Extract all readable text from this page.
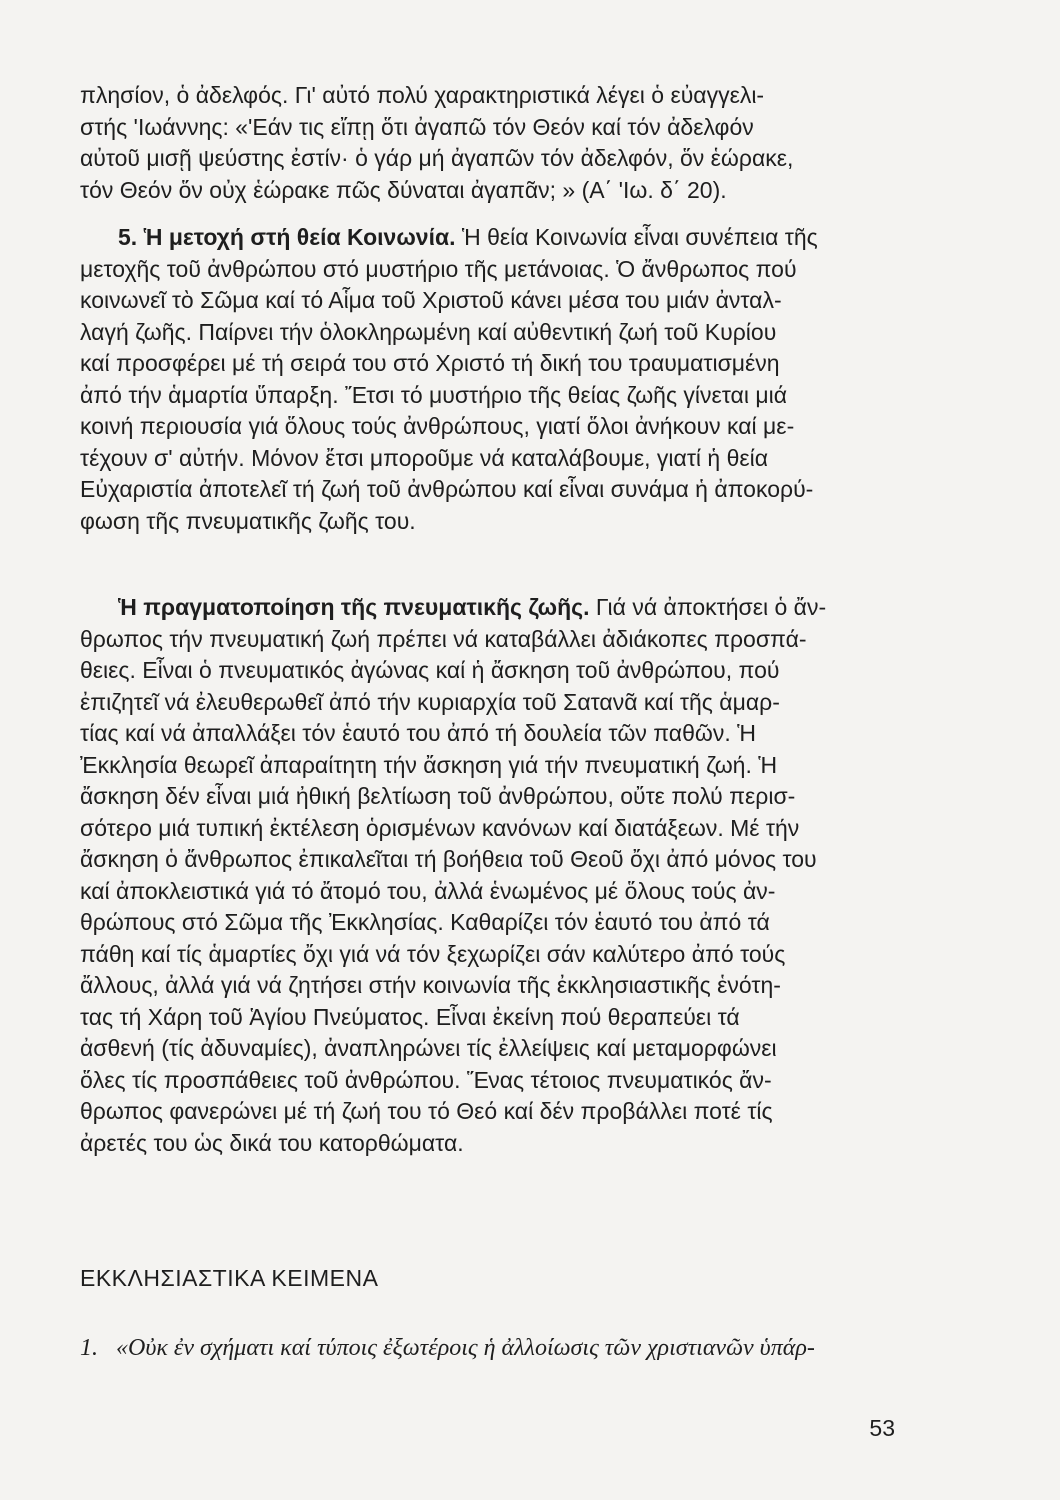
πλησίον, ὁ ἀδελφός. Γι' αὐτό πολύ χαρακτηριστικά λέγει ὁ εὐαγγελι-
στής 'Ιωάννης: «'Εάν τις εἴπῃ ὅτι ἀγαπῶ τόν Θεόν καί τόν ἀδελφόν
αὐτοῦ μισῇ ψεύστης ἐστίν· ὁ γάρ μή ἀγαπῶν τόν ἀδελφόν, ὅν ἑώρακε,
τόν Θεόν ὅν οὐχ ἑώρακε πῶς δύναται ἀγαπᾶν; » (Α΄ 'Ιω. δ΄ 20).
5. Ἡ μετοχή στή θεία Κοινωνία. Ἡ θεία Κοινωνία εἶναι συνέπεια τῆς
μετοχῆς τοῦ ἀνθρώπου στό μυστήριο τῆς μετάνοιας. Ὁ ἄνθρωπος πού
κοινωνεῖ τὸ Σῶμα καί τό Αἷμα τοῦ Χριστοῦ κάνει μέσα του μιάν ἀνταλ-
λαγή ζωῆς. Παίρνει τήν ὁλοκληρωμένη καί αὐθεντική ζωή τοῦ Κυρίου
καί προσφέρει μέ τή σειρά του στό Χριστό τή δική του τραυματισμένη
ἀπό τήν ἁμαρτία ὕπαρξη. Ἔτσι τό μυστήριο τῆς θείας ζωῆς γίνεται μιά
κοινή περιουσία γιά ὅλους τούς ἀνθρώπους, γιατί ὅλοι ἀνήκουν καί με-
τέχουν σ' αὐτήν. Μόνον ἔτσι μποροῦμε νά καταλάβουμε, γιατί ἡ θεία
Εὐχαριστία ἀποτελεῖ τή ζωή τοῦ ἀνθρώπου καί εἶναι συνάμα ἡ ἀποκορύ-
φωση τῆς πνευματικῆς ζωῆς του.
Ἡ πραγματοποίηση τῆς πνευματικῆς ζωῆς. Γιά νά ἀποκτήσει ὁ ἄν-
θρωπος τήν πνευματική ζωή πρέπει νά καταβάλλει ἀδιάκοπες προσπά-
θειες. Εἶναι ὁ πνευματικός ἀγώνας καί ἡ ἄσκηση τοῦ ἀνθρώπου, πού
ἐπιζητεῖ νά ἐλευθερωθεῖ ἀπό τήν κυριαρχία τοῦ Σατανᾶ καί τῆς ἁμαρ-
τίας καί νά ἀπαλλάξει τόν ἑαυτό του ἀπό τή δουλεία τῶν παθῶν. Ἡ
Ἐκκλησία θεωρεῖ ἀπαραίτητη τήν ἄσκηση γιά τήν πνευματική ζωή. Ἡ
ἄσκηση δέν εἶναι μιά ἠθική βελτίωση τοῦ ἀνθρώπου, οὔτε πολύ περισ-
σότερο μιά τυπική ἐκτέλεση ὁρισμένων κανόνων καί διατάξεων. Μέ τήν
ἄσκηση ὁ ἄνθρωπος ἐπικαλεῖται τή βοήθεια τοῦ Θεοῦ ὄχι ἀπό μόνος του
καί ἀποκλειστικά γιά τό ἄτομό του, ἀλλά ἑνωμένος μέ ὅλους τούς ἀν-
θρώπους στό Σῶμα τῆς Ἐκκλησίας. Καθαρίζει τόν ἑαυτό του ἀπό τά
πάθη καί τίς ἁμαρτίες ὄχι γιά νά τόν ξεχωρίζει σάν καλύτερο ἀπό τούς
ἄλλους, ἀλλά γιά νά ζητήσει στήν κοινωνία τῆς ἐκκλησιαστικῆς ἑνότη-
τας τή Χάρη τοῦ Ἁγίου Πνεύματος. Εἶναι ἐκείνη πού θεραπεύει τά
ἀσθενή (τίς ἀδυναμίες), ἀναπληρώνει τίς ἐλλείψεις καί μεταμορφώνει
ὅλες τίς προσπάθειες τοῦ ἀνθρώπου. Ἕνας τέτοιος πνευματικός ἄν-
θρωπος φανερώνει μέ τή ζωή του τό Θεό καί δέν προβάλλει ποτέ τίς
ἀρετές του ὡς δικά του κατορθώματα.
ΕΚΚΛΗΣΙΑΣΤΙΚΑ ΚΕΙΜΕΝΑ
1. «Οὐκ ἐν σχήματι καί τύποις ἐξωτέροις ἡ ἀλλοίωσις τῶν χριστιανῶν ὑπάρ-
53
